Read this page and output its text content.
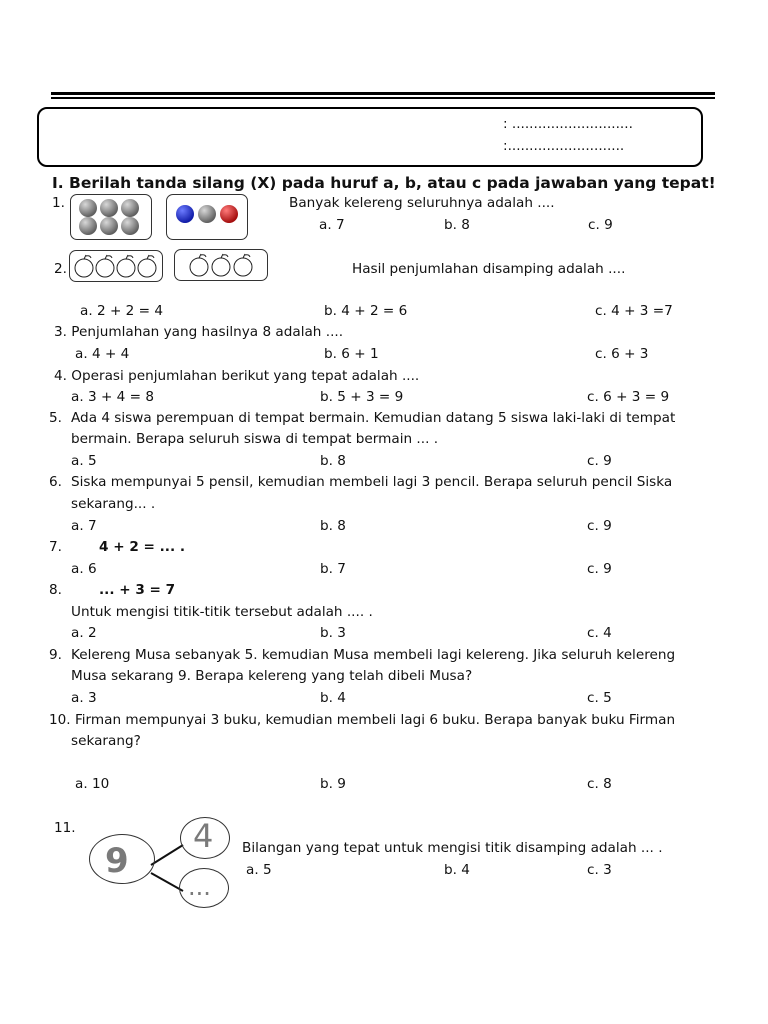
: ............................
:...........................
I. Berilah tanda silang (X) pada huruf a, b, atau c pada jawaban yang tepat!
1.	Banyak kelereng seluruhnya adalah ....
a. 7	b. 8	c. 9
2.	Hasil penjumlahan disamping adalah ....
a. 2 + 2 = 4	b. 4 + 2 = 6	c. 4 + 3 =7
3. Penjumlahan yang hasilnya 8 adalah ....
a. 4 + 4	b. 6 + 1	c. 6 + 3
4. Operasi penjumlahan berikut yang tepat adalah ....
a. 3 + 4 = 8	b. 5 + 3 = 9	c. 6 + 3 = 9
5. Ada 4 siswa perempuan di tempat bermain. Kemudian datang 5 siswa laki-laki di tempat
bermain. Berapa seluruh siswa di tempat bermain ... .
a. 5	b. 8	c. 9
6. Siska mempunyai 5 pensil, kemudian membeli lagi 3 pencil. Berapa seluruh pencil Siska
sekarang... .
a. 7	b. 8	c. 9
7.	4 + 2 = ... .
a. 6	b. 7	c. 9
8.	... + 3 = 7
Untuk mengisi titik-titik tersebut adalah .... .
a. 2	b. 3	c. 4
9. Kelereng Musa sebanyak 5. kemudian Musa membeli lagi kelereng. Jika seluruh kelereng
Musa sekarang 9. Berapa kelereng yang telah dibeli Musa?
a. 3	b. 4	c. 5
10. Firman mempunyai 3 buku, kemudian membeli lagi 6 buku. Berapa banyak buku Firman
sekarang?
a. 10	b. 9	c. 8
11.
9
4
...
Bilangan yang tepat untuk mengisi titik disamping adalah ... .
a. 5	b. 4	c. 3
